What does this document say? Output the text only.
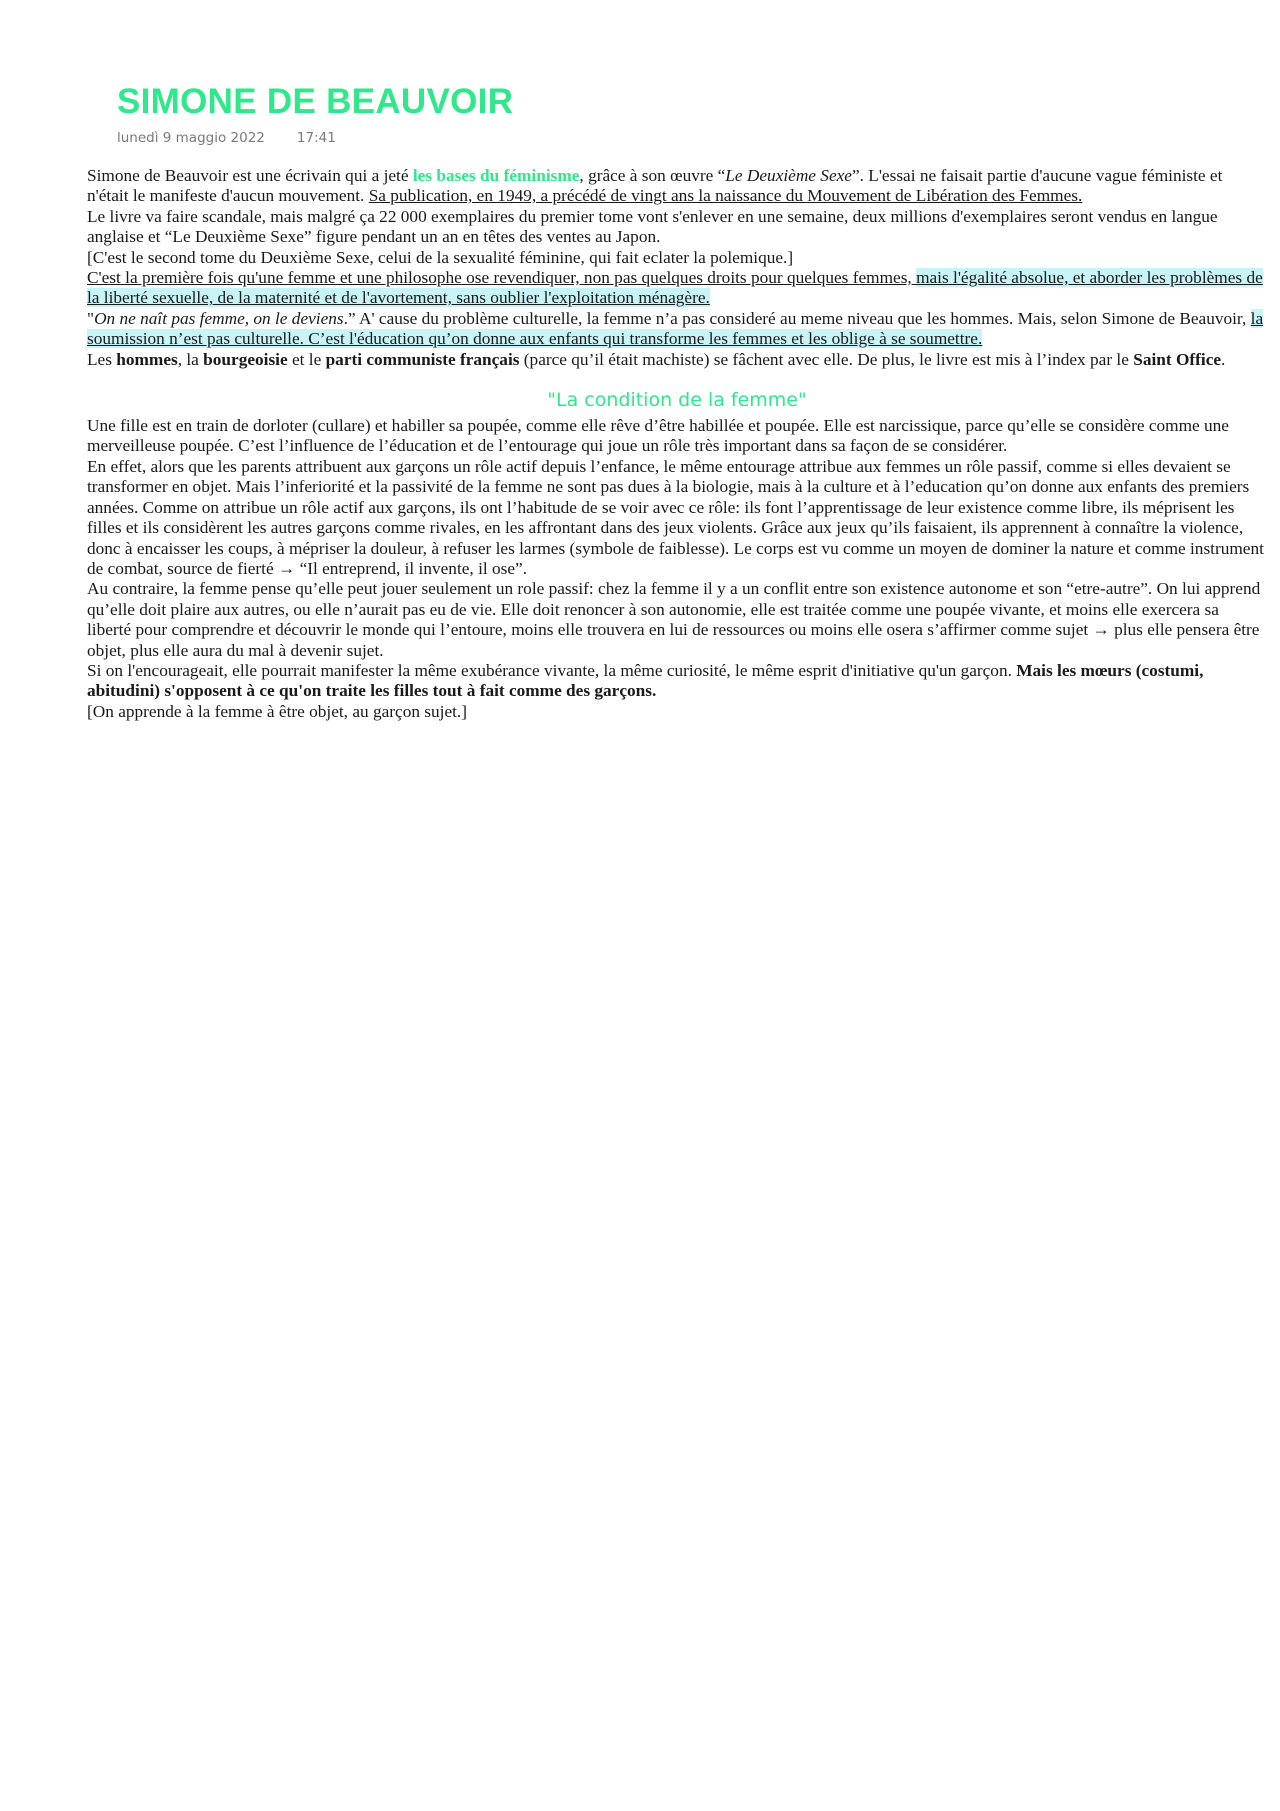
SIMONE DE BEAUVOIR
lunedì 9 maggio 2022 17:41

Simone de Beauvoir est une écrivain qui a jeté les bases du féminisme, grâce à son œuvre “Le Deuxième Sexe”. L'essai ne faisait partie d'aucune vague féministe et n'était le manifeste d'aucun mouvement. Sa publication, en 1949, a précédé de vingt ans la naissance du Mouvement de Libération des Femmes.

Le livre va faire scandale, mais malgré ça 22 000 exemplaires du premier tome vont s'enlever en une semaine, deux millions d'exemplaires seront vendus en langue anglaise et “Le Deuxième Sexe” figure pendant un an en têtes des ventes au Japon.

[C'est le second tome du Deuxième Sexe, celui de la sexualité féminine, qui fait eclater la polemique.]

C'est la première fois qu'une femme et une philosophe ose revendiquer, non pas quelques droits pour quelques femmes, mais l'égalité absolue, et aborder les problèmes de la liberté sexuelle, de la maternité et de l'avortement, sans oublier l'exploitation ménagère.

"On ne naît pas femme, on le deviens.” A' cause du problème culturelle, la femme n’a pas consideré au meme niveau que les hommes. Mais, selon Simone de Beauvoir, la soumission n’est pas culturelle. C’est l'éducation qu’on donne aux enfants qui transforme les femmes et les oblige à se soumettre.

Les hommes, la bourgeoisie et le parti communiste français (parce qu’il était machiste) se fâchent avec elle. De plus, le livre est mis à l’index par le Saint Office.

"La condition de la femme"

Une fille est en train de dorloter (cullare) et habiller sa poupée, comme elle rêve d’être habillée et poupée. Elle est narcissique, parce qu’elle se considère comme une merveilleuse poupée. C’est l’influence de l’éducation et de l’entourage qui joue un rôle très important dans sa façon de se considérer.

En effet, alors que les parents attribuent aux garçons un rôle actif depuis l’enfance, le même entourage attribue aux femmes un rôle passif, comme si elles devaient se transformer en objet. Mais l’inferiorité et la passivité de la femme ne sont pas dues à la biologie, mais à la culture et à l’education qu’on donne aux enfants des premiers années. Comme on attribue un rôle actif aux garçons, ils ont l’habitude de se voir avec ce rôle: ils font l’apprentissage de leur existence comme libre, ils méprisent les filles et ils considèrent les autres garçons comme rivales, en les affrontant dans des jeux violents. Grâce aux jeux qu’ils faisaient, ils apprennent à connaître la violence, donc à encaisser les coups, à mépriser la douleur, à refuser les larmes (symbole de faiblesse). Le corps est vu comme un moyen de dominer la nature et comme instrument de combat, source de fierté → “Il entreprend, il invente, il ose”.

Au contraire, la femme pense qu’elle peut jouer seulement un role passif: chez la femme il y a un conflit entre son existence autonome et son “etre-autre”. On lui apprend qu’elle doit plaire aux autres, ou elle n’aurait pas eu de vie. Elle doit renoncer à son autonomie, elle est traitée comme une poupée vivante, et moins elle exercera sa liberté pour comprendre et découvrir le monde qui l’entoure, moins elle trouvera en lui de ressources ou moins elle osera s’affirmer comme sujet → plus elle pensera être objet, plus elle aura du mal à devenir sujet.

Si on l'encourageait, elle pourrait manifester la même exubérance vivante, la même curiosité, le même esprit d'initiative qu'un garçon. Mais les mœurs (costumi, abitudini) s'opposent à ce qu'on traite les filles tout à fait comme des garçons.

[On apprende à la femme à être objet, au garçon sujet.]
